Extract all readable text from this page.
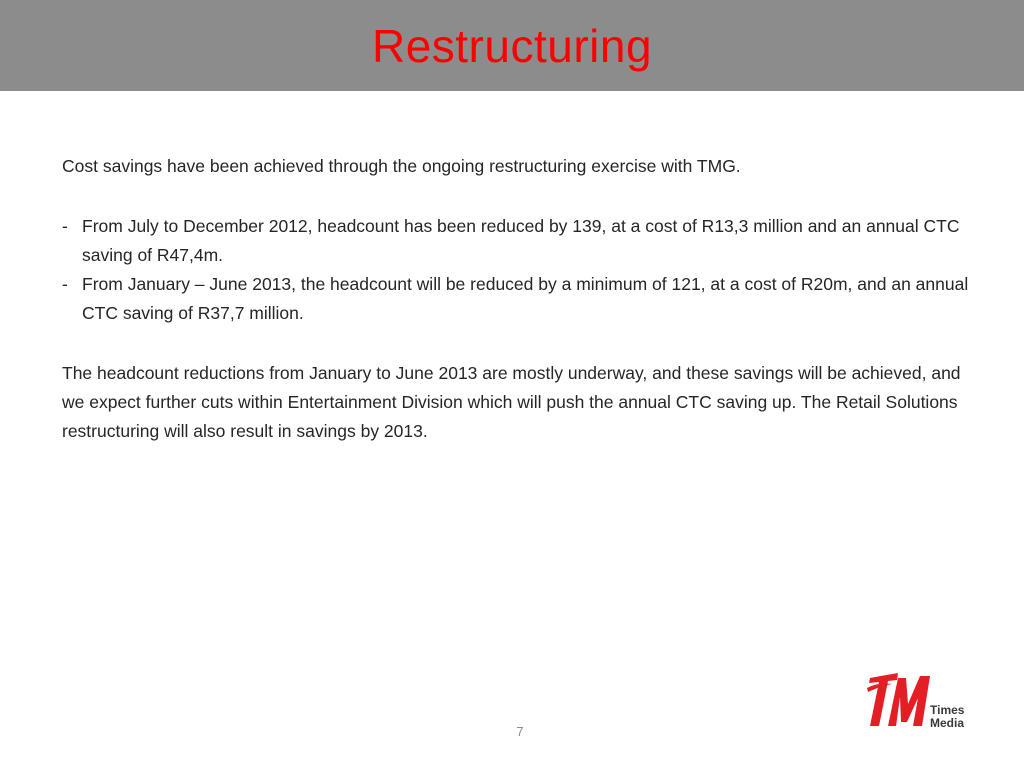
Restructuring

Cost savings have been achieved through the ongoing restructuring exercise with TMG.

- From July to December 2012, headcount has been reduced by 139, at a cost of R13,3 million and an annual CTC saving of R47,4m.
- From January – June 2013, the headcount will be reduced by a minimum of 121, at a cost of R20m, and an annual CTC saving of R37,7 million.

The headcount reductions from January to June 2013 are mostly underway, and these savings will be achieved, and we expect further cuts within Entertainment Division which will push the annual CTC saving up. The Retail Solutions restructuring will also result in savings by 2013.

7
Times
Media
